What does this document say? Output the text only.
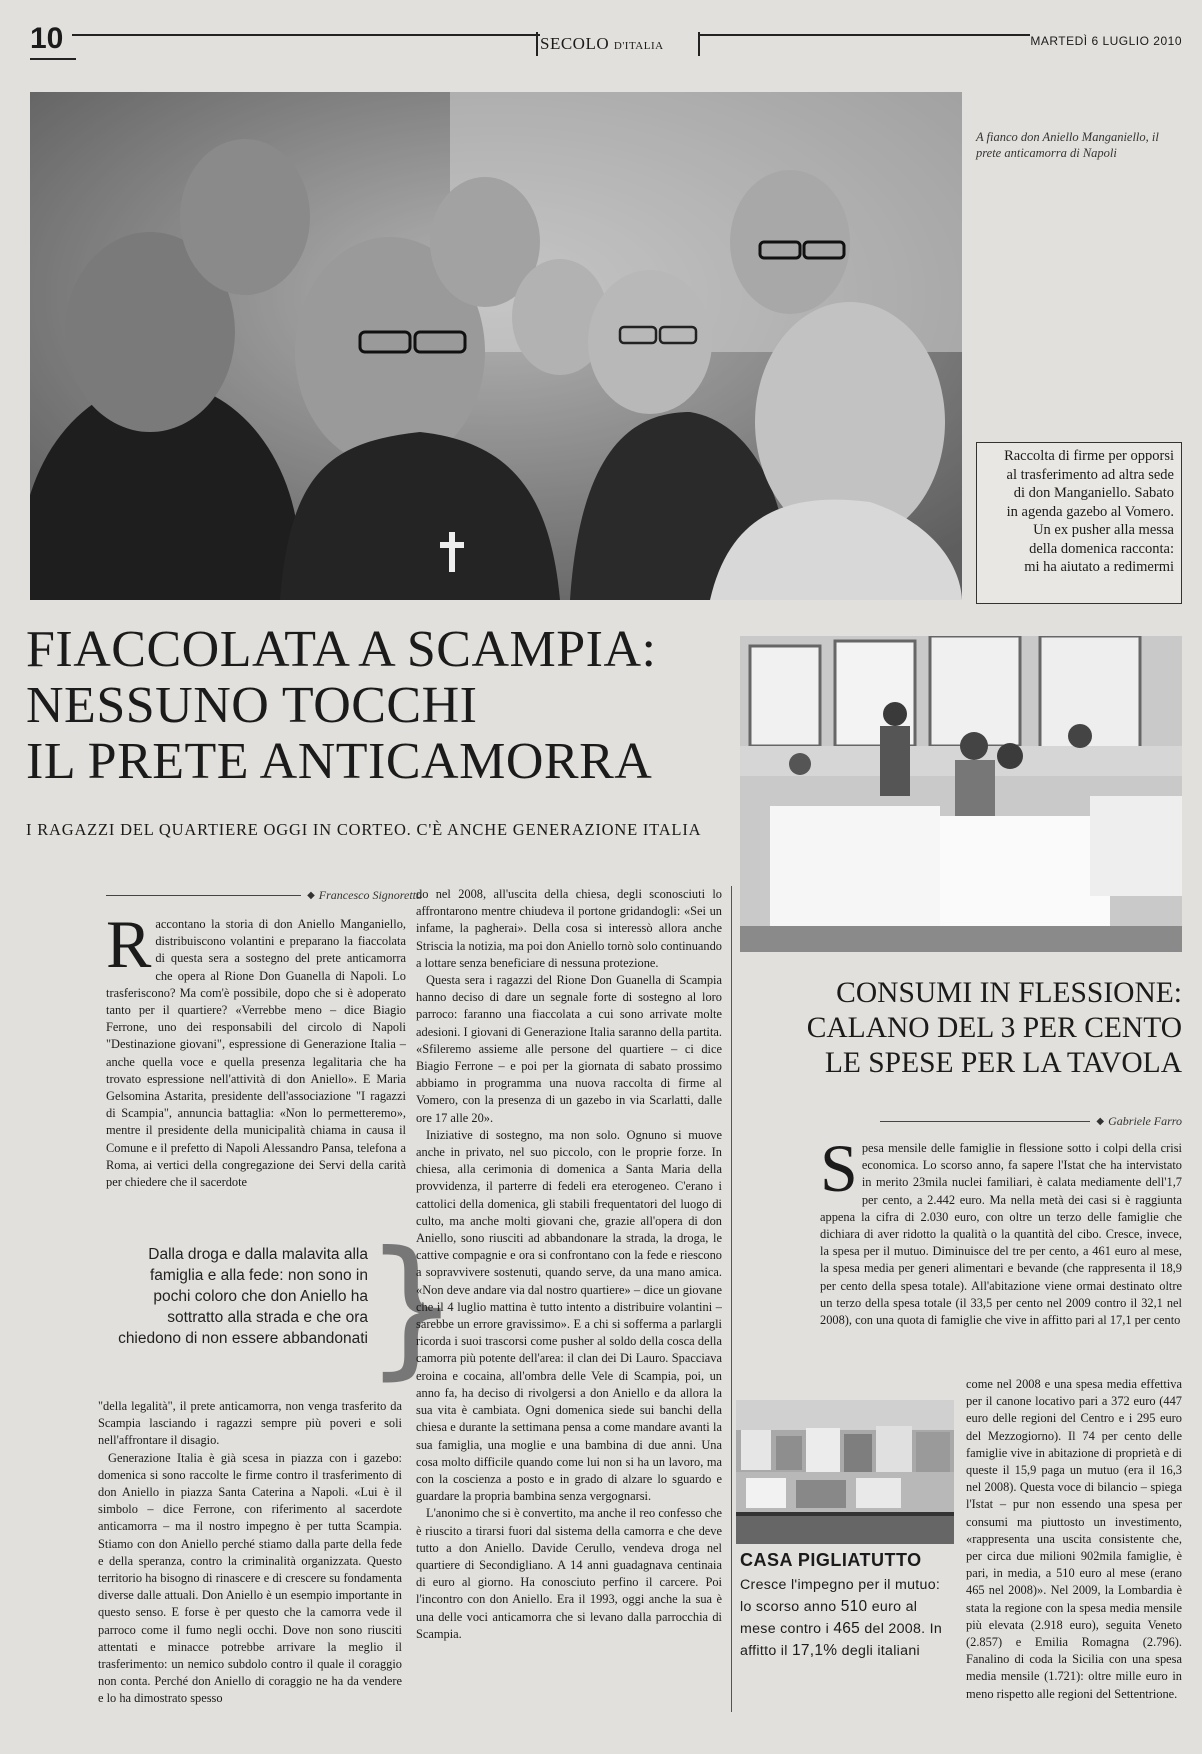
10	SECOLO D'ITALIA	MARTEDÌ 6 LUGLIO 2010
A fianco don Aniello Manganiello, il prete anticamorra di Napoli
Raccolta di firme per opporsi
al trasferimento ad altra sede
di don Manganiello. Sabato
in agenda gazebo al Vomero.
Un ex pusher alla messa
della domenica racconta:
mi ha aiutato a redimermi
FIACCOLATA A SCAMPIA:
NESSUNO TOCCHI
IL PRETE ANTICAMORRA
I RAGAZZI DEL QUARTIERE OGGI IN CORTEO. C'È ANCHE GENERAZIONE ITALIA
◆ Francesco Signoretta

R accontano la storia di don Aniello Manganiello, distribuiscono volantini e preparano la fiaccolata di questa sera a sostegno del prete anticamorra che opera al Rione Don Guanella di Napoli. Lo trasferiscono? Ma com'è possibile, dopo che si è adoperato tanto per il quartiere? «Verrebbe meno – dice Biagio Ferrone, uno dei responsabili del circolo di Napoli "Destinazione giovani", espressione di Generazione Italia – anche quella voce e quella presenza legalitaria che ha trovato espressione nell'attività di don Aniello». E Maria Gelsomina Astarita, presidente dell'associazione "I ragazzi di Scampia", annuncia battaglia: «Non lo permetteremo», mentre il presidente della municipalità chiama in causa il Comune e il prefetto di Napoli Alessandro Pansa, telefona a Roma, ai vertici della congregazione dei Servi della carità per chiedere che il sacerdote

Dalla droga e dalla malavita alla famiglia e alla fede: non sono in pochi coloro che don Aniello ha sottratto alla strada e che ora chiedono di non essere abbandonati
}

"della legalità", il prete anticamorra, non venga trasferito da Scampia lasciando i ragazzi sempre più poveri e soli nell'affrontare il disagio.

Generazione Italia è già scesa in piazza con i gazebo: domenica si sono raccolte le firme contro il trasferimento di don Aniello in piazza Santa Caterina a Napoli. «Lui è il simbolo – dice Ferrone, con riferimento al sacerdote anticamorra – ma il nostro impegno è per tutta Scampia. Stiamo con don Aniello perché stiamo dalla parte della fede e della speranza, contro la criminalità organizzata. Questo territorio ha bisogno di rinascere e di crescere su fondamenta diverse dalle attuali. Don Aniello è un esempio importante in questo senso. E forse è per questo che la camorra vede il parroco come il fumo negli occhi. Dove non sono riusciti attentati e minacce potrebbe arrivare la meglio il trasferimento: un nemico subdolo contro il quale il coraggio non conta. Perché don Aniello di coraggio ne ha da vendere e lo ha dimostrato spesso

do nel 2008, all'uscita della chiesa, degli sconosciuti lo affrontarono mentre chiudeva il portone gridandogli: «Sei un infame, la pagherai». Della cosa si interessò allora anche Striscia la notizia, ma poi don Aniello tornò solo continuando a lottare senza beneficiare di nessuna protezione.

Questa sera i ragazzi del Rione Don Guanella di Scampia hanno deciso di dare un segnale forte di sostegno al loro parroco: faranno una fiaccolata a cui sono arrivate molte adesioni. I giovani di Generazione Italia saranno della partita. «Sfileremo assieme alle persone del quartiere – ci dice Biagio Ferrone – e poi per la giornata di sabato prossimo abbiamo in programma una nuova raccolta di firme al Vomero, con la presenza di un gazebo in via Scarlatti, dalle ore 17 alle 20».

Iniziative di sostegno, ma non solo. Ognuno si muove anche in privato, nel suo piccolo, con le proprie forze. In chiesa, alla cerimonia di domenica a Santa Maria della provvidenza, il parterre di fedeli era eterogeneo. C'erano i cattolici della domenica, gli stabili frequentatori del luogo di culto, ma anche molti giovani che, grazie all'opera di don Aniello, sono riusciti ad abbandonare la strada, la droga, le cattive compagnie e ora si confrontano con la fede e riescono a sopravvivere sostenuti, quando serve, da una mano amica. «Non deve andare via dal nostro quartiere» – dice un giovane che il 4 luglio mattina è tutto intento a distribuire volantini – sarebbe un errore gravissimo». E a chi si sofferma a parlargli ricorda i suoi trascorsi come pusher al soldo della cosca della camorra più potente dell'area: il clan dei Di Lauro. Spacciava eroina e cocaina, all'ombra delle Vele di Scampia, poi, un anno fa, ha deciso di rivolgersi a don Aniello e da allora la sua vita è cambiata. Ogni domenica siede sui banchi della chiesa e durante la settimana pensa a come mandare avanti la sua famiglia, una moglie e una bambina di due anni. Una cosa molto difficile quando come lui non si ha un lavoro, ma con la coscienza a posto e in grado di alzare lo sguardo e guardare la propria bambina senza vergognarsi.

L'anonimo che si è convertito, ma anche il reo confesso che è riuscito a tirarsi fuori dal sistema della camorra e che deve tutto a don Aniello. Davide Cerullo, vendeva droga nel quartiere di Secondigliano. A 14 anni guadagnava centinaia di euro al giorno. Ha conosciuto perfino il carcere. Poi l'incontro con don Aniello. Era il 1993, oggi anche la sua è una delle voci anticamorra che si levano dalla parrocchia di Scampia.

CONSUMI IN FLESSIONE:
CALANO DEL 3 PER CENTO
LE SPESE PER LA TAVOLA
◆ Gabriele Farro

S pesa mensile delle famiglie in flessione sotto i colpi della crisi economica. Lo scorso anno, fa sapere l'Istat che ha intervistato in merito 23mila nuclei familiari, è calata mediamente dell'1,7 per cento, a 2.442 euro. Ma nella metà dei casi si è raggiunta appena la cifra di 2.030 euro, con oltre un terzo delle famiglie che dichiara di aver ridotto la qualità o la quantità del cibo. Cresce, invece, la spesa per il mutuo. Diminuisce del tre per cento, a 461 euro al mese, la spesa media per generi alimentari e bevande (che rappresenta il 18,9 per cento della spesa totale). All'abitazione viene ormai destinato oltre un terzo della spesa totale (il 33,5 per cento nel 2009 contro il 32,1 nel 2008), con una quota di famiglie che vive in affitto pari al 17,1 per cento

come nel 2008 e una spesa media effettiva per il canone locativo pari a 372 euro (447 euro delle regioni del Centro e i 295 euro del Mezzogiorno). Il 74 per cento delle famiglie vive in abitazione di proprietà e di queste il 15,9 paga un mutuo (era il 16,3 nel 2008). Questa voce di bilancio – spiega l'Istat – pur non essendo una spesa per consumi ma piuttosto un investimento, «rappresenta una uscita consistente che, per circa due milioni 902mila famiglie, è pari, in media, a 510 euro al mese (erano 465 nel 2008)». Nel 2009, la Lombardia è stata la regione con la spesa media mensile più elevata (2.918 euro), seguita Veneto (2.857) e Emilia Romagna (2.796). Fanalino di coda la Sicilia con una spesa media mensile (1.721): oltre mille euro in meno rispetto alle regioni del Settentrione.

CASA PIGLIATUTTO
Cresce l'impegno per il mutuo: lo scorso anno 510 euro al mese contro i 465 del 2008. In affitto il 17,1% degli italiani
